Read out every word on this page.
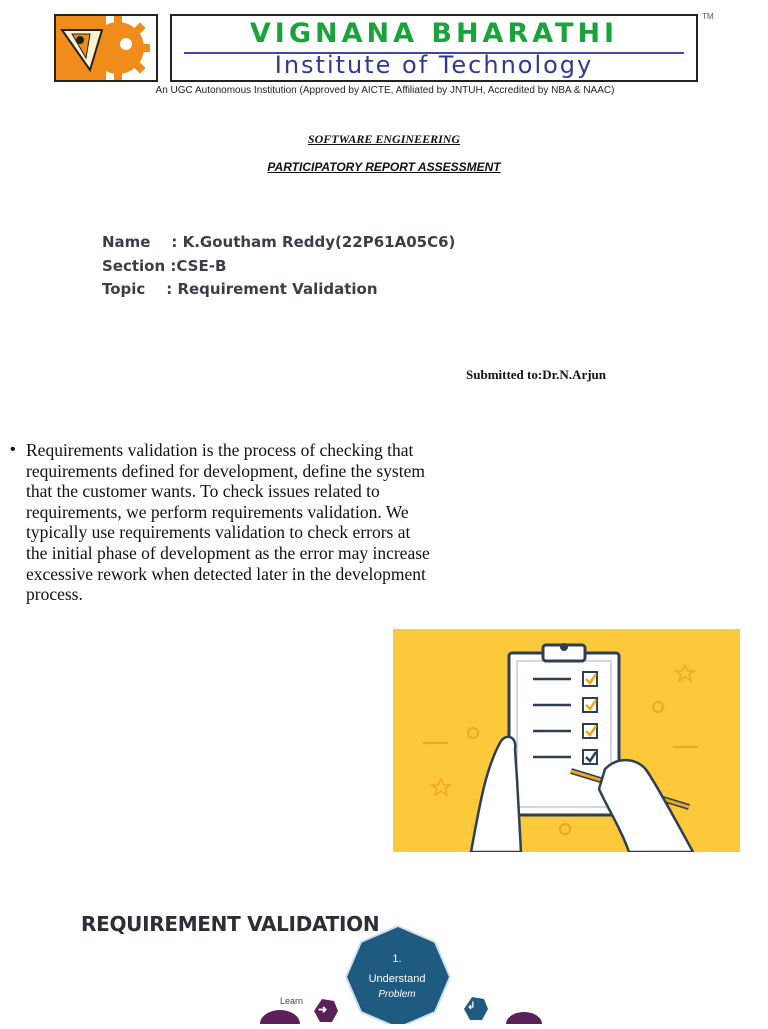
VIGNANA BHARATHI
Institute of Technology
TM
An UGC Autonomous Institution (Approved by AICTE, Affiliated by JNTUH, Accredited by NBA & NAAC)
SOFTWARE ENGINEERING
PARTICIPATORY REPORT ASSESSMENT
Name    : K.Goutham Reddy(22P61A05C6)
Section :CSE-B
Topic    : Requirement Validation
Submitted to:Dr.N.Arjun
• Requirements validation is the process of checking that requirements defined for development, define the system that the customer wants. To check issues related to requirements, we perform requirements validation. We typically use requirements validation to check errors at the initial phase of development as the error may increase excessive rework when detected later in the development process.
REQUIREMENT VALIDATION
1.
Understand
Problem
Learn
➜	↲
